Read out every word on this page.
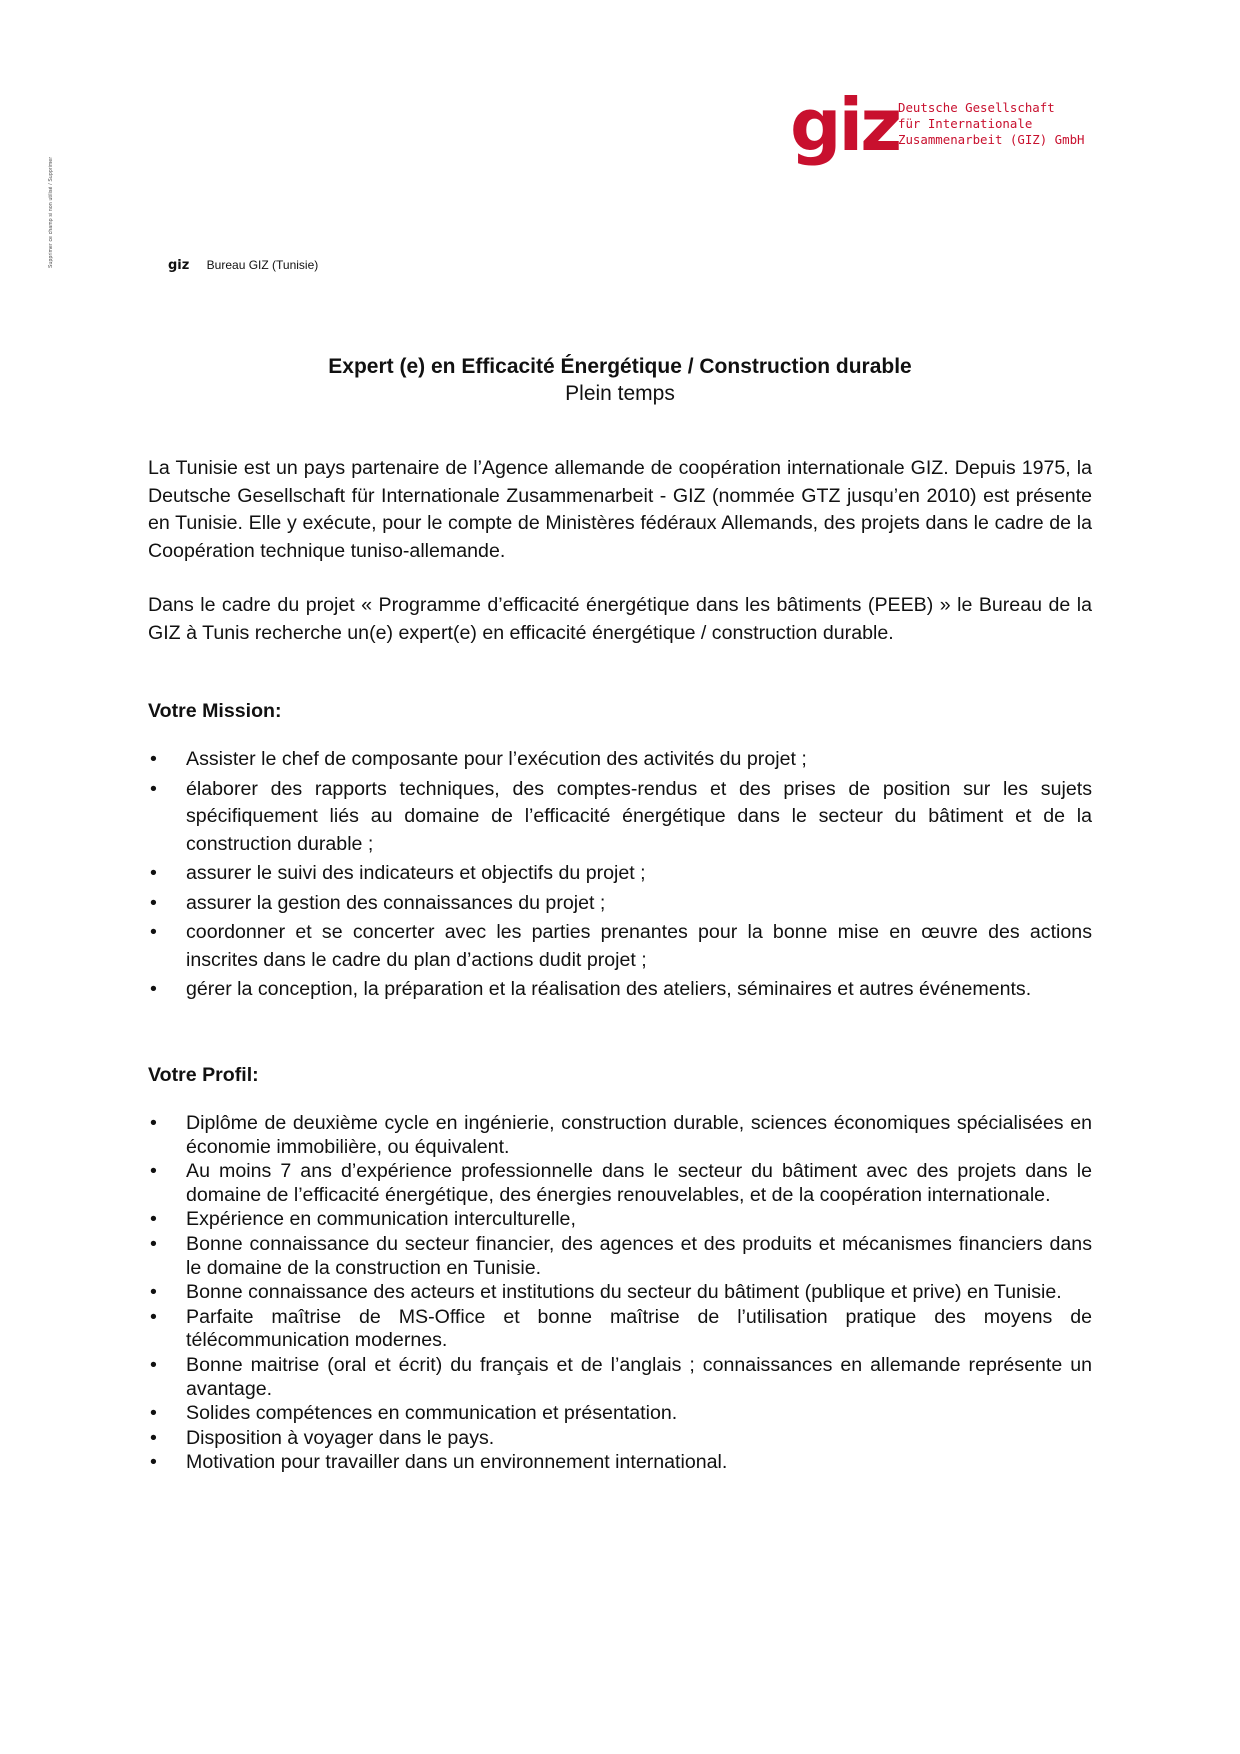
Supprimer ce champ si non utilisé / Supprimer
giz
Deutsche Gesellschaft
für Internationale
Zusammenarbeit (GIZ) GmbH
giz Bureau GIZ (Tunisie)
Expert (e) en Efficacité Énergétique / Construction durable
Plein temps

La Tunisie est un pays partenaire de l’Agence allemande de coopération internationale GIZ. Depuis 1975, la Deutsche Gesellschaft für Internationale Zusammenarbeit - GIZ (nommée GTZ jusqu’en 2010) est présente en Tunisie. Elle y exécute, pour le compte de Ministères fédéraux Allemands, des projets dans le cadre de la Coopération technique tuniso-allemande.

Dans le cadre du projet « Programme d’efficacité énergétique dans les bâtiments (PEEB) » le Bureau de la GIZ à Tunis recherche un(e) expert(e) en efficacité énergétique / construction durable.

Votre Mission:
• Assister le chef de composante pour l’exécution des activités du projet ;
• élaborer des rapports techniques, des comptes-rendus et des prises de position sur les sujets spécifiquement liés au domaine de l’efficacité énergétique dans le secteur du bâtiment et de la construction durable ;
• assurer le suivi des indicateurs et objectifs du projet ;
• assurer la gestion des connaissances du projet ;
• coordonner et se concerter avec les parties prenantes pour la bonne mise en œuvre des actions inscrites dans le cadre du plan d’actions dudit projet ;
• gérer la conception, la préparation et la réalisation des ateliers, séminaires et autres événements.
Votre Profil:
• Diplôme de deuxième cycle en ingénierie, construction durable, sciences économiques spécialisées en économie immobilière, ou équivalent.
• Au moins 7 ans d’expérience professionnelle dans le secteur du bâtiment avec des projets dans le domaine de l’efficacité énergétique, des énergies renouvelables, et de la coopération internationale.
• Expérience en communication interculturelle,
• Bonne connaissance du secteur financier, des agences et des produits et mécanismes financiers dans le domaine de la construction en Tunisie.
• Bonne connaissance des acteurs et institutions du secteur du bâtiment (publique et prive) en Tunisie.
• Parfaite maîtrise de MS-Office et bonne maîtrise de l’utilisation pratique des moyens de télécommunication modernes.
• Bonne maitrise (oral et écrit) du français et de l’anglais ; connaissances en allemande représente un avantage.
• Solides compétences en communication et présentation.
• Disposition à voyager dans le pays.
• Motivation pour travailler dans un environnement international.
